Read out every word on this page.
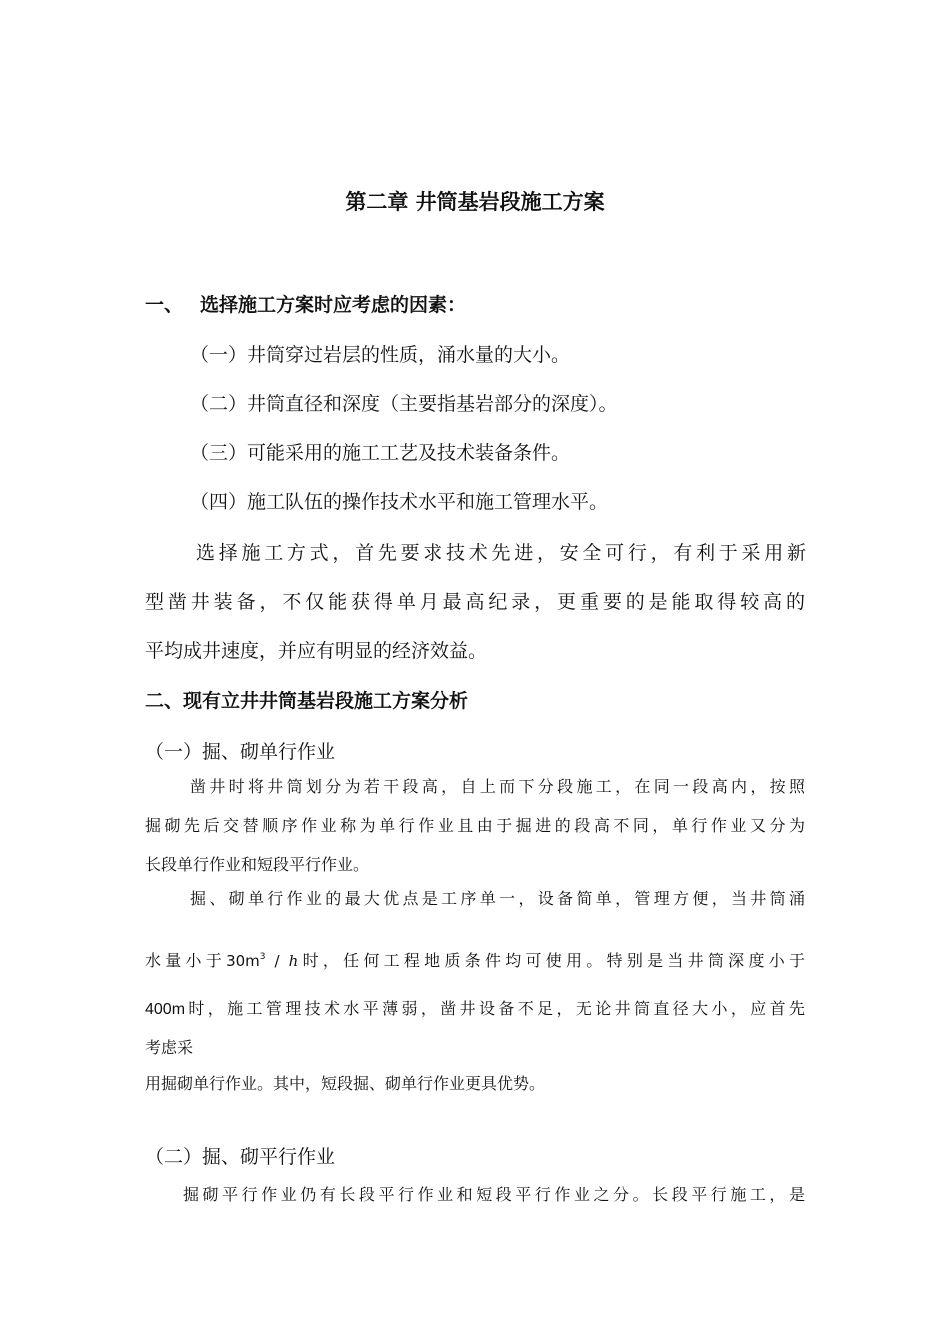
第二章 井筒基岩段施工方案
一、 选择施工方案时应考虑的因素：
（一）井筒穿过岩层的性质，涌水量的大小。
（二）井筒直径和深度（主要指基岩部分的深度）。
（三）可能采用的施工工艺及技术装备条件。
（四）施工队伍的操作技术水平和施工管理水平。
选择施工方式，首先要求技术先进，安全可行，有利于采用新
型凿井装备，不仅能获得单月最高纪录，更重要的是能取得较高的
平均成井速度，并应有明显的经济效益。
二、现有立井井筒基岩段施工方案分析
（一）掘、砌单行作业
凿井时将井筒划分为若干段高，自上而下分段施工，在同一段高内，按照
掘砌先后交替顺序作业称为单行作业且由于掘进的段高不同，单行作业又分为
长段单行作业和短段平行作业。
掘、砌单行作业的最大优点是工序单一，设备简单，管理方便，当井筒涌
水量小于$30m^3$ / h时，任何工程地质条件均可使用。特别是当井筒深度小于
400m时，施工管理技术水平薄弱，凿井设备不足，无论井筒直径大小，应首先
考虑采
用掘砌单行作业。其中，短段掘、砌单行作业更具优势。
（二）掘、砌平行作业
掘砌平行作业仍有长段平行作业和短段平行作业之分。长段平行施工，是
